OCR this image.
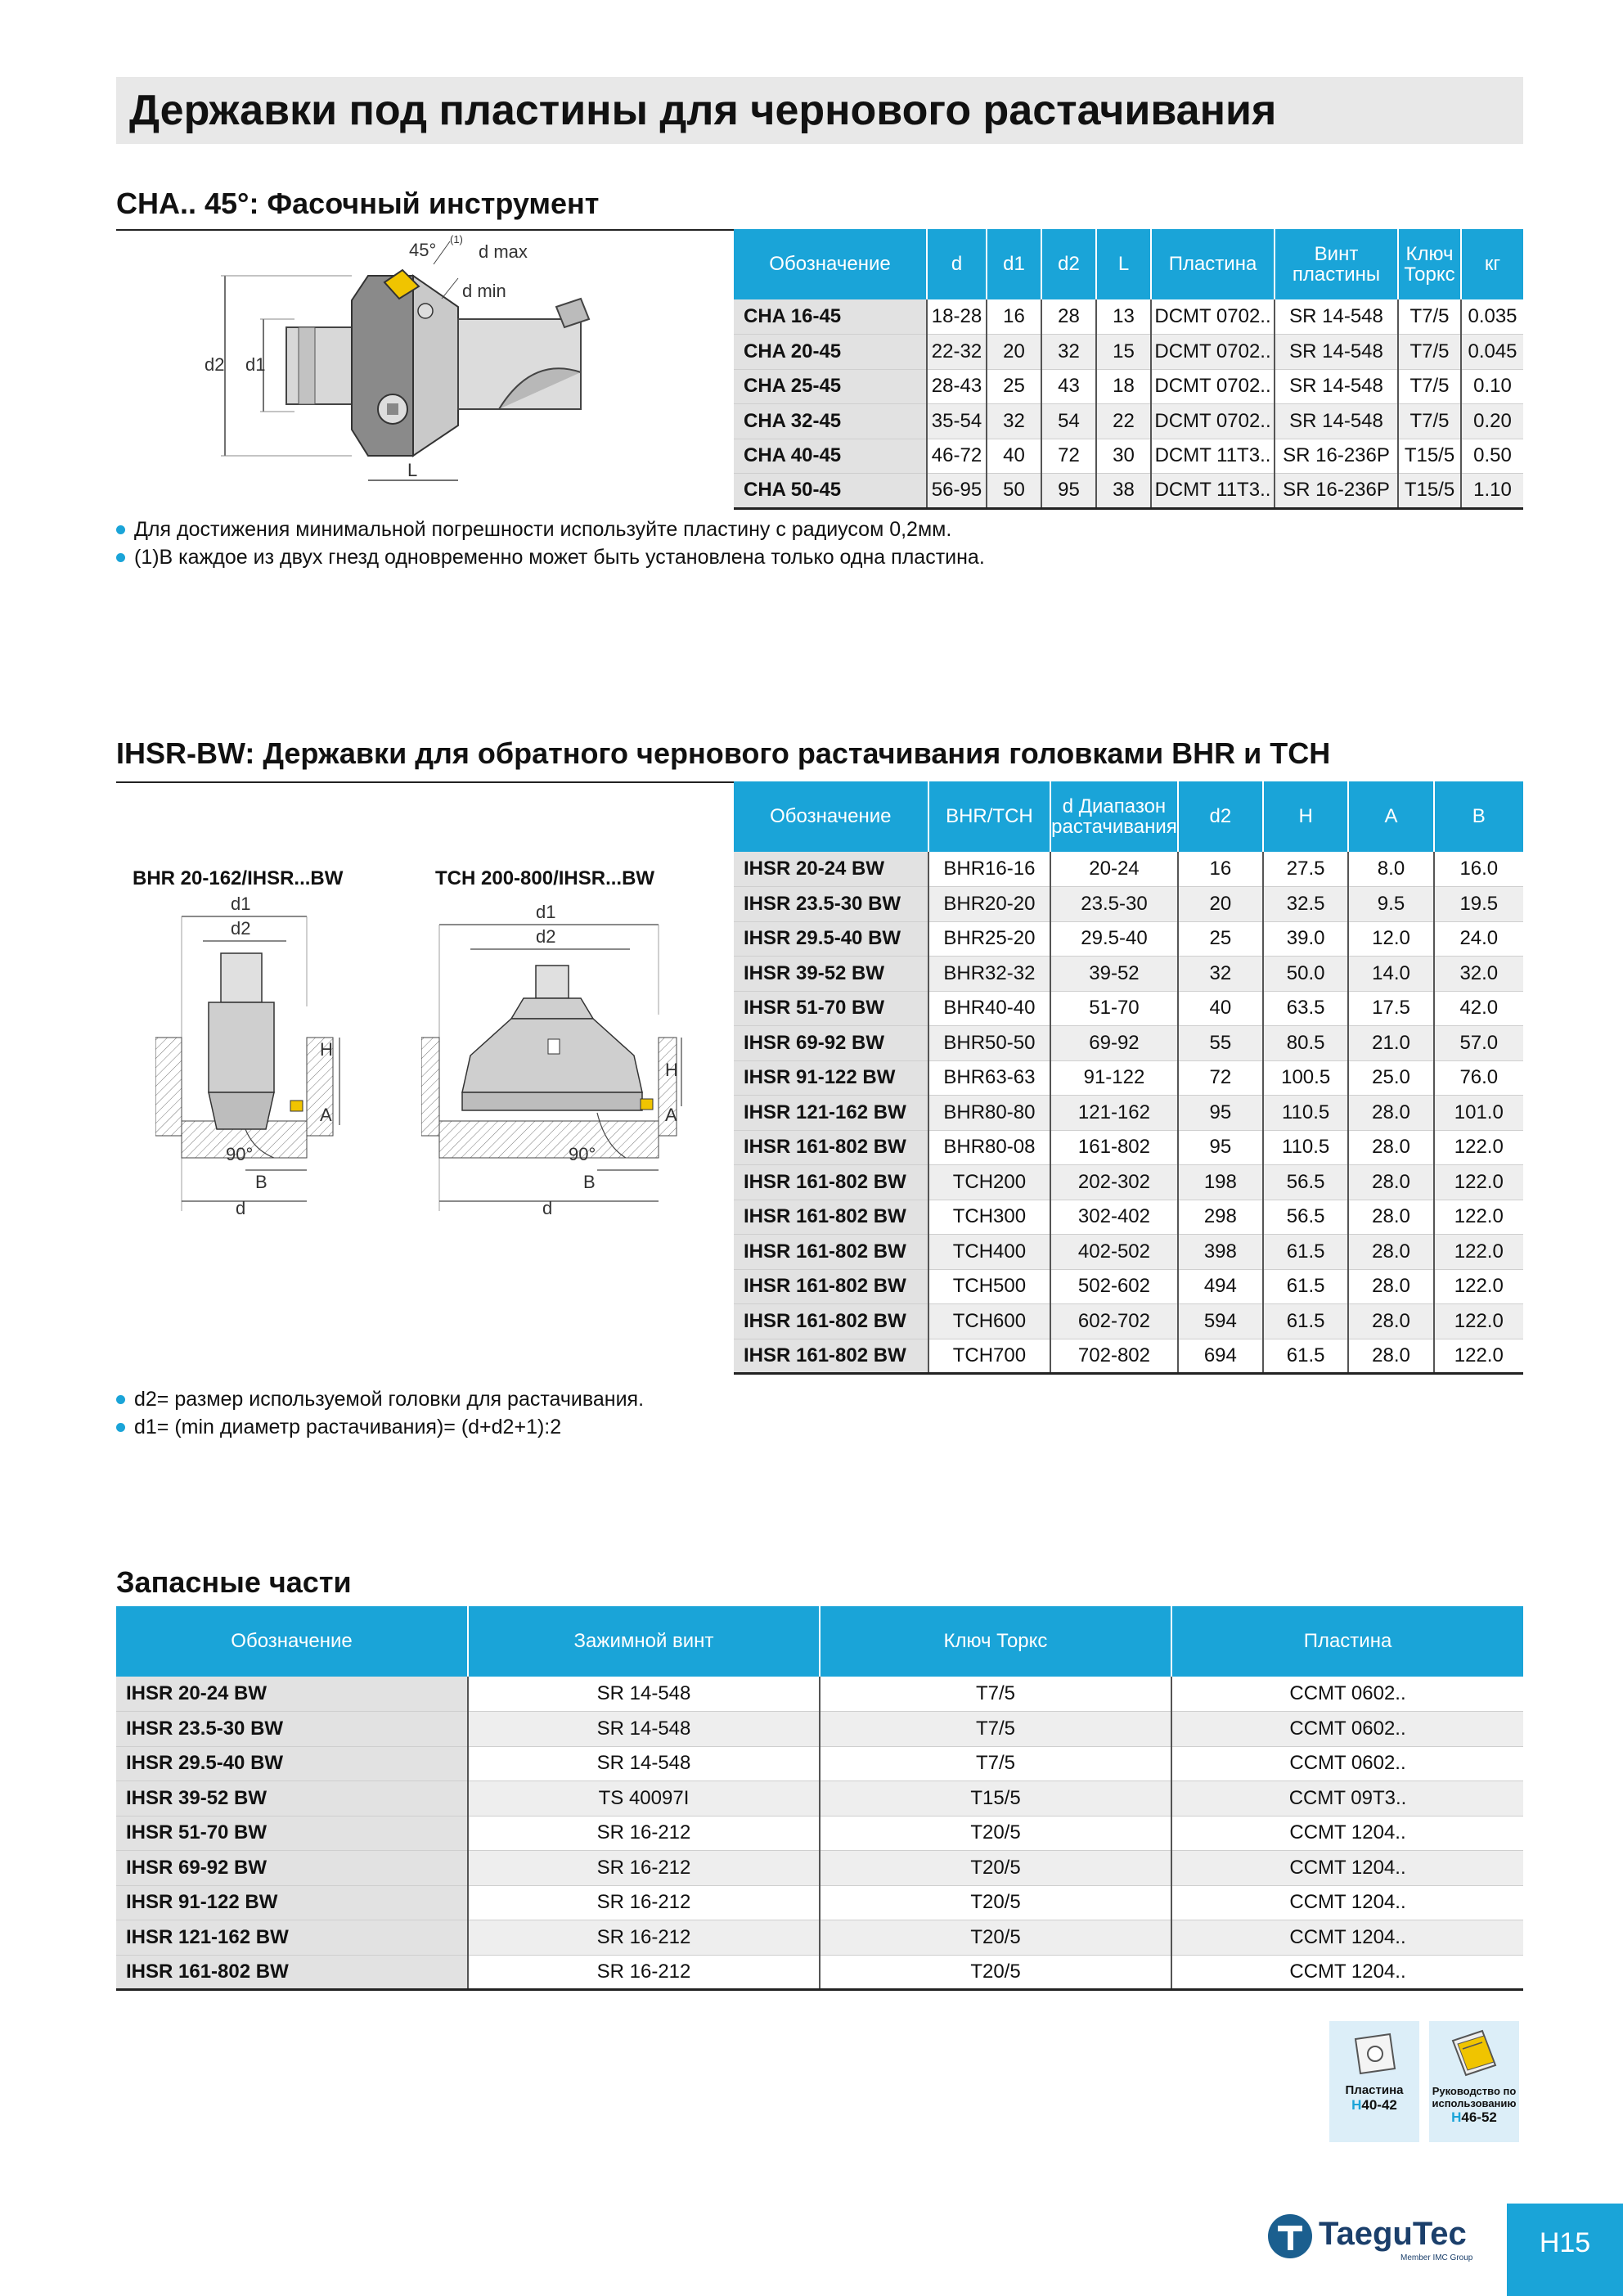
Державки под пластины для чернового растачивания
CHA.. 45°: Фасочный инструмент
45°
(1)
d max
d min
d2 d1
L
Обозначение	d	d1	d2	L	Пластина	Винт пластины	Ключ Торкс	кг
CHA 16-45	18-28	16	28	13	DCMT 0702..	SR 14-548	T7/5	0.035
CHA 20-45	22-32	20	32	15	DCMT 0702..	SR 14-548	T7/5	0.045
CHA 25-45	28-43	25	43	18	DCMT 0702..	SR 14-548	T7/5	0.10
CHA 32-45	35-54	32	54	22	DCMT 0702..	SR 14-548	T7/5	0.20
CHA 40-45	46-72	40	72	30	DCMT 11T3..	SR 16-236P	T15/5	0.50
CHA 50-45	56-95	50	95	38	DCMT 11T3..	SR 16-236P	T15/5	1.10
Для достижения минимальной погрешности используйте пластину с радиусом 0,2мм.
(1)В каждое из двух гнезд одновременно может быть установлена только одна пластина.
IHSR-BW: Державки для обратного чернового растачивания головками BHR и TCH
BHR 20-162/IHSR...BW	TCH 200-800/IHSR...BW
d1
d2
H
A
90°
B
d
d1
d2
H
A
90°
B
d
Обозначение	BHR/TCH	d Диапазон растачивания	d2	H	A	B
IHSR 20-24 BW	BHR16-16	20-24	16	27.5	8.0	16.0
IHSR 23.5-30 BW	BHR20-20	23.5-30	20	32.5	9.5	19.5
IHSR 29.5-40 BW	BHR25-20	29.5-40	25	39.0	12.0	24.0
IHSR 39-52 BW	BHR32-32	39-52	32	50.0	14.0	32.0
IHSR 51-70 BW	BHR40-40	51-70	40	63.5	17.5	42.0
IHSR 69-92 BW	BHR50-50	69-92	55	80.5	21.0	57.0
IHSR 91-122 BW	BHR63-63	91-122	72	100.5	25.0	76.0
IHSR 121-162 BW	BHR80-80	121-162	95	110.5	28.0	101.0
IHSR 161-802 BW	BHR80-08	161-802	95	110.5	28.0	122.0
IHSR 161-802 BW	TCH200	202-302	198	56.5	28.0	122.0
IHSR 161-802 BW	TCH300	302-402	298	56.5	28.0	122.0
IHSR 161-802 BW	TCH400	402-502	398	61.5	28.0	122.0
IHSR 161-802 BW	TCH500	502-602	494	61.5	28.0	122.0
IHSR 161-802 BW	TCH600	602-702	594	61.5	28.0	122.0
IHSR 161-802 BW	TCH700	702-802	694	61.5	28.0	122.0
d2= размер используемой головки для растачивания.
d1= (min диаметр растачивания)= (d+d2+1):2
Запасные части
Обозначение	Зажимной винт	Ключ Торкс	Пластина
IHSR 20-24 BW	SR 14-548	T7/5	CCMT 0602..
IHSR 23.5-30 BW	SR 14-548	T7/5	CCMT 0602..
IHSR 29.5-40 BW	SR 14-548	T7/5	CCMT 0602..
IHSR 39-52 BW	TS 40097I	T15/5	CCMT 09T3..
IHSR 51-70 BW	SR 16-212	T20/5	CCMT 1204..
IHSR 69-92 BW	SR 16-212	T20/5	CCMT 1204..
IHSR 91-122 BW	SR 16-212	T20/5	CCMT 1204..
IHSR 121-162 BW	SR 16-212	T20/5	CCMT 1204..
IHSR 161-802 BW	SR 16-212	T20/5	CCMT 1204..
Пластина
H40-42
Руководство по использованию
H46-52
TaeguTec
Member IMC Group	H15
